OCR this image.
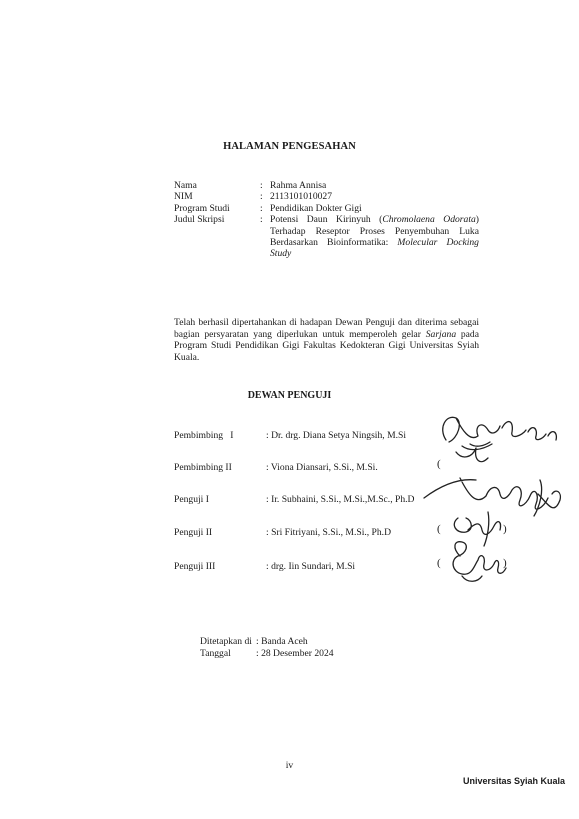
HALAMAN PENGESAHAN
Nama	: Rahma Annisa
NIM	: 2113101010027
Program Studi	: Pendidikan Dokter Gigi
Judul Skripsi	: Potensi Daun Kirinyuh (Chromolaena Odorata) Terhadap Reseptor Proses Penyembuhan Luka Berdasarkan Bioinformatika: Molecular Docking Study
Telah berhasil dipertahankan di hadapan Dewan Penguji dan diterima sebagai bagian persyaratan yang diperlukan untuk memperoleh gelar Sarjana pada Program Studi Pendidikan Gigi Fakultas Kedokteran Gigi Universitas Syiah Kuala.
DEWAN PENGUJI
Pembimbing   I	: Dr. drg. Diana Setya Ningsih, M.Si
Pembimbing II	: Viona Diansari, S.Si., M.Si.
Penguji I	: Ir. Subhaini, S.Si., M.Si.,M.Sc., Ph.D
Penguji II	: Sri Fitriyani, S.Si., M.Si., Ph.D
Penguji III	: drg. Iin Sundari, M.Si
(
(	)
(	)
Ditetapkan di : Banda Aceh
Tanggal	: 28 Desember 2024
iv
Universitas Syiah Kuala
